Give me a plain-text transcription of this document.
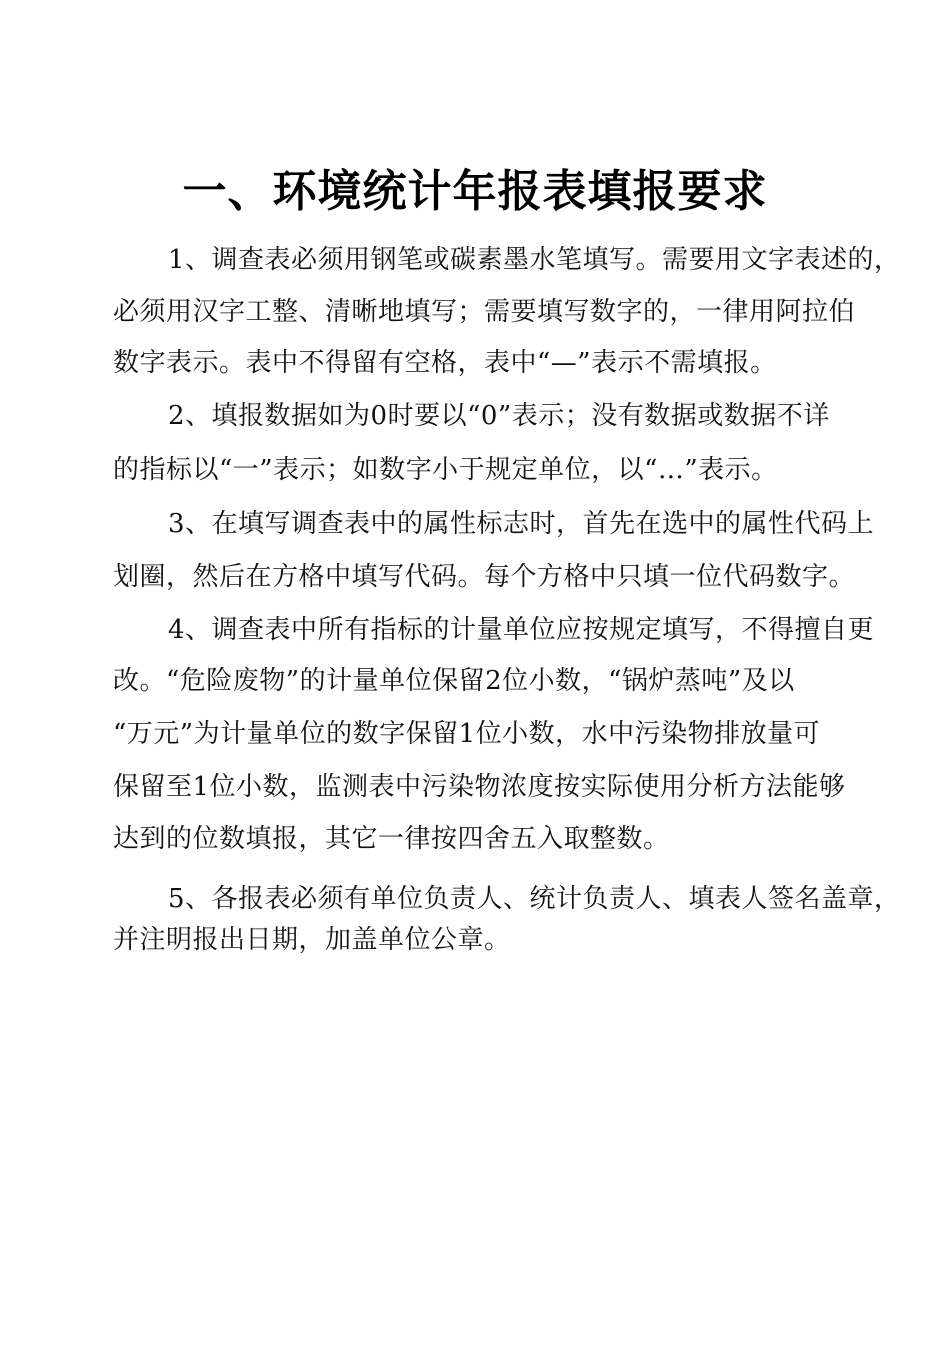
一、环境统计年报表填报要求
1、调查表必须用钢笔或碳素墨水笔填写。需要用文字表述的，
必须用汉字工整、清晰地填写；需要填写数字的，一律用阿拉伯
数字表示。表中不得留有空格，表中“—”表示不需填报。
2、填报数据如为0时要以“0”表示；没有数据或数据不详
的指标以“一”表示；如数字小于规定单位，以“…”表示。
3、在填写调查表中的属性标志时，首先在选中的属性代码上
划圈，然后在方格中填写代码。每个方格中只填一位代码数字。
4、调查表中所有指标的计量单位应按规定填写，不得擅自更
改。“危险废物”的计量单位保留2位小数，“锅炉蒸吨”及以
“万元”为计量单位的数字保留1位小数，水中污染物排放量可
保留至1位小数，监测表中污染物浓度按实际使用分析方法能够
达到的位数填报，其它一律按四舍五入取整数。
5、各报表必须有单位负责人、统计负责人、填表人签名盖章，
并注明报出日期，加盖单位公章。
